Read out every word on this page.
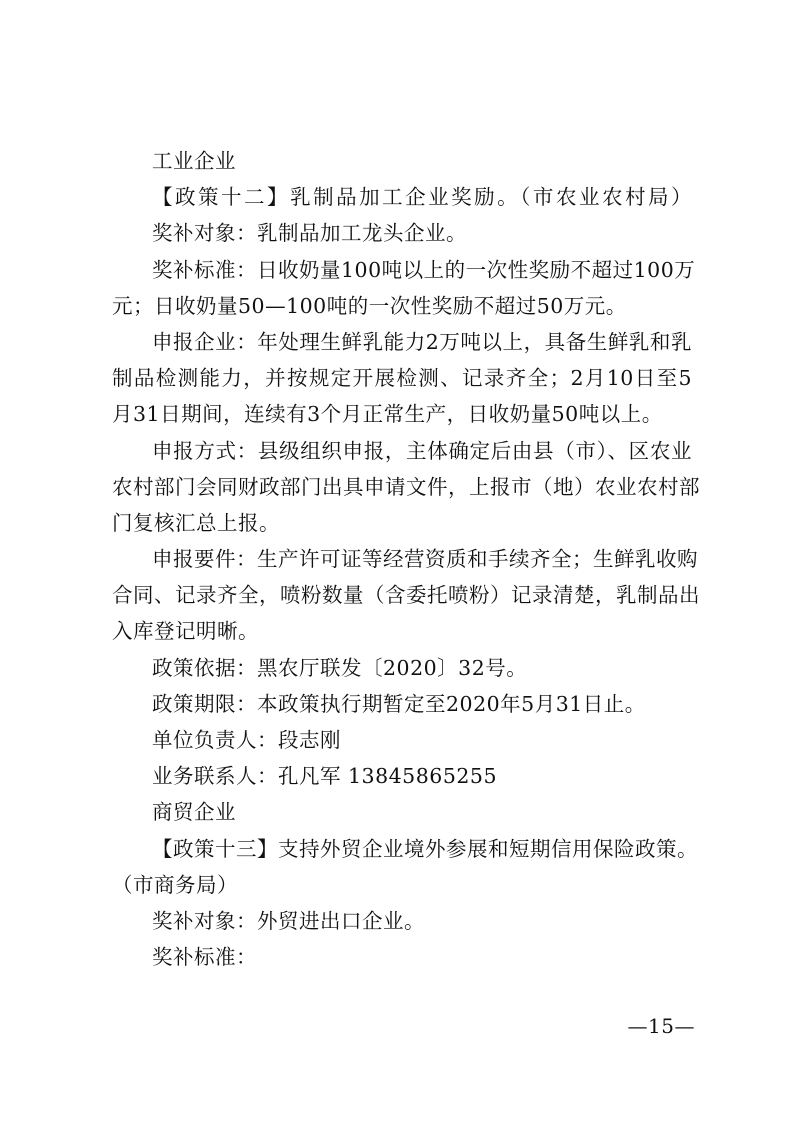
工业企业
【政策十二】乳制品加工企业奖励。（市农业农村局）
奖补对象：乳制品加工龙头企业。
奖补标准：日收奶量100吨以上的一次性奖励不超过100万
元；日收奶量50—100吨的一次性奖励不超过50万元。
申报企业：年处理生鲜乳能力2万吨以上，具备生鲜乳和乳
制品检测能力，并按规定开展检测、记录齐全；2月10日至5
月31日期间，连续有3个月正常生产，日收奶量50吨以上。
申报方式：县级组织申报，主体确定后由县（市）、区农业
农村部门会同财政部门出具申请文件，上报市（地）农业农村部
门复核汇总上报。
申报要件：生产许可证等经营资质和手续齐全；生鲜乳收购
合同、记录齐全，喷粉数量（含委托喷粉）记录清楚，乳制品出
入库登记明晰。
政策依据：黑农厅联发〔2020〕32号。
政策期限：本政策执行期暂定至2020年5月31日止。
单位负责人：段志刚
业务联系人：孔凡军 13845865255
商贸企业
【政策十三】支持外贸企业境外参展和短期信用保险政策。
（市商务局）
奖补对象：外贸进出口企业。
奖补标准：
—15—
